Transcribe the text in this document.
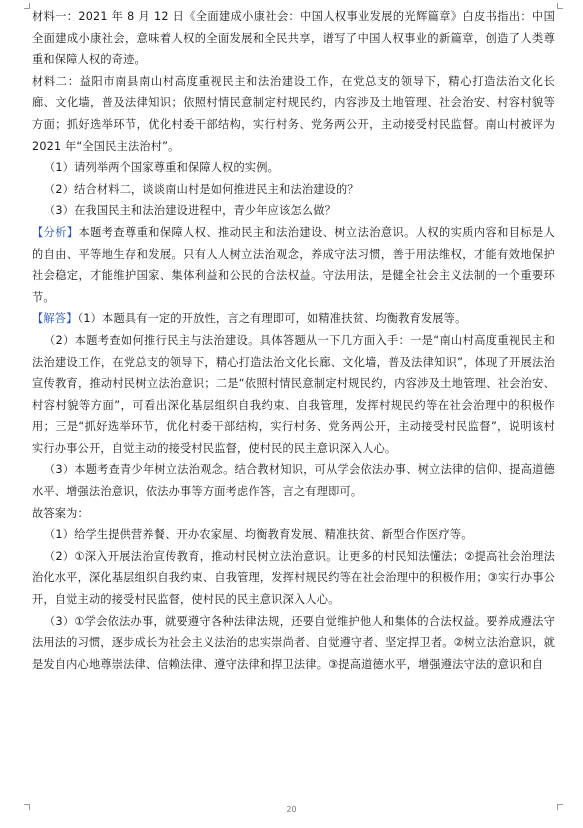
材料一：2021 年 8 月 12 日《全面建成小康社会：中国人权事业发展的光辉篇章》白皮书指出：中国全面建成小康社会，意味着人权的全面发展和全民共享，谱写了中国人权事业的新篇章，创造了人类尊重和保障人权的奇迹。

材料二：益阳市南县南山村高度重视民主和法治建设工作，在党总支的领导下，精心打造法治文化长廊、文化墙，普及法律知识；依照村情民意制定村规民约，内容涉及土地管理、社会治安、村容村貌等方面；抓好选举环节，优化村委干部结构，实行村务、党务两公开，主动接受村民监督。南山村被评为 2021 年“全国民主法治村”。

（1）请列举两个国家尊重和保障人权的实例。

（2）结合材料二，谈谈南山村是如何推进民主和法治建设的？

（3）在我国民主和法治建设进程中，青少年应该怎么做？

【分析】本题考查尊重和保障人权、推动民主和法治建设、树立法治意识。人权的实质内容和目标是人的自由、平等地生存和发展。只有人人树立法治观念，养成守法习惯，善于用法维权，才能有效地保护社会稳定，才能维护国家、集体利益和公民的合法权益。守法用法，是健全社会主义法制的一个重要环节。

【解答】（1）本题具有一定的开放性，言之有理即可，如精准扶贫、均衡教育发展等。

（2）本题考查如何推行民主与法治建设。具体答题从一下几方面入手：一是“南山村高度重视民主和法治建设工作，在党总支的领导下，精心打造法治文化长廊、文化墙，普及法律知识”，体现了开展法治宣传教育，推动村民树立法治意识；二是“依照村情民意制定村规民约，内容涉及土地管理、社会治安、村容村貌等方面”，可看出深化基层组织自我约束、自我管理，发挥村规民约等在社会治理中的积极作用；三是“抓好选举环节，优化村委干部结构，实行村务、党务两公开，主动接受村民监督”，说明该村实行办事公开，自觉主动的接受村民监督，使村民的民主意识深入人心。

（3）本题考查青少年树立法治观念。结合教材知识，可从学会依法办事、树立法律的信仰、提高道德水平、增强法治意识，依法办事等方面考虑作答，言之有理即可。

故答案为：

（1）给学生提供营养餐、开办农家屋、均衡教育发展、精准扶贫、新型合作医疗等。

（2）①深入开展法治宣传教育，推动村民树立法治意识。让更多的村民知法懂法；②提高社会治理法治化水平，深化基层组织自我约束、自我管理，发挥村规民约等在社会治理中的积极作用；③实行办事公开，自觉主动的接受村民监督，使村民的民主意识深入人心。

（3）①学会依法办事，就要遵守各种法律法规，还要自觉维护他人和集体的合法权益。要养成遵法守法用法的习惯，逐步成长为社会主义法治的忠实崇尚者、自觉遵守者、坚定捍卫者。②树立法治意识，就是发自内心地尊崇法律、信赖法律、遵守法律和捍卫法律。③提高道德水平，增强遵法守法的意识和自

20
